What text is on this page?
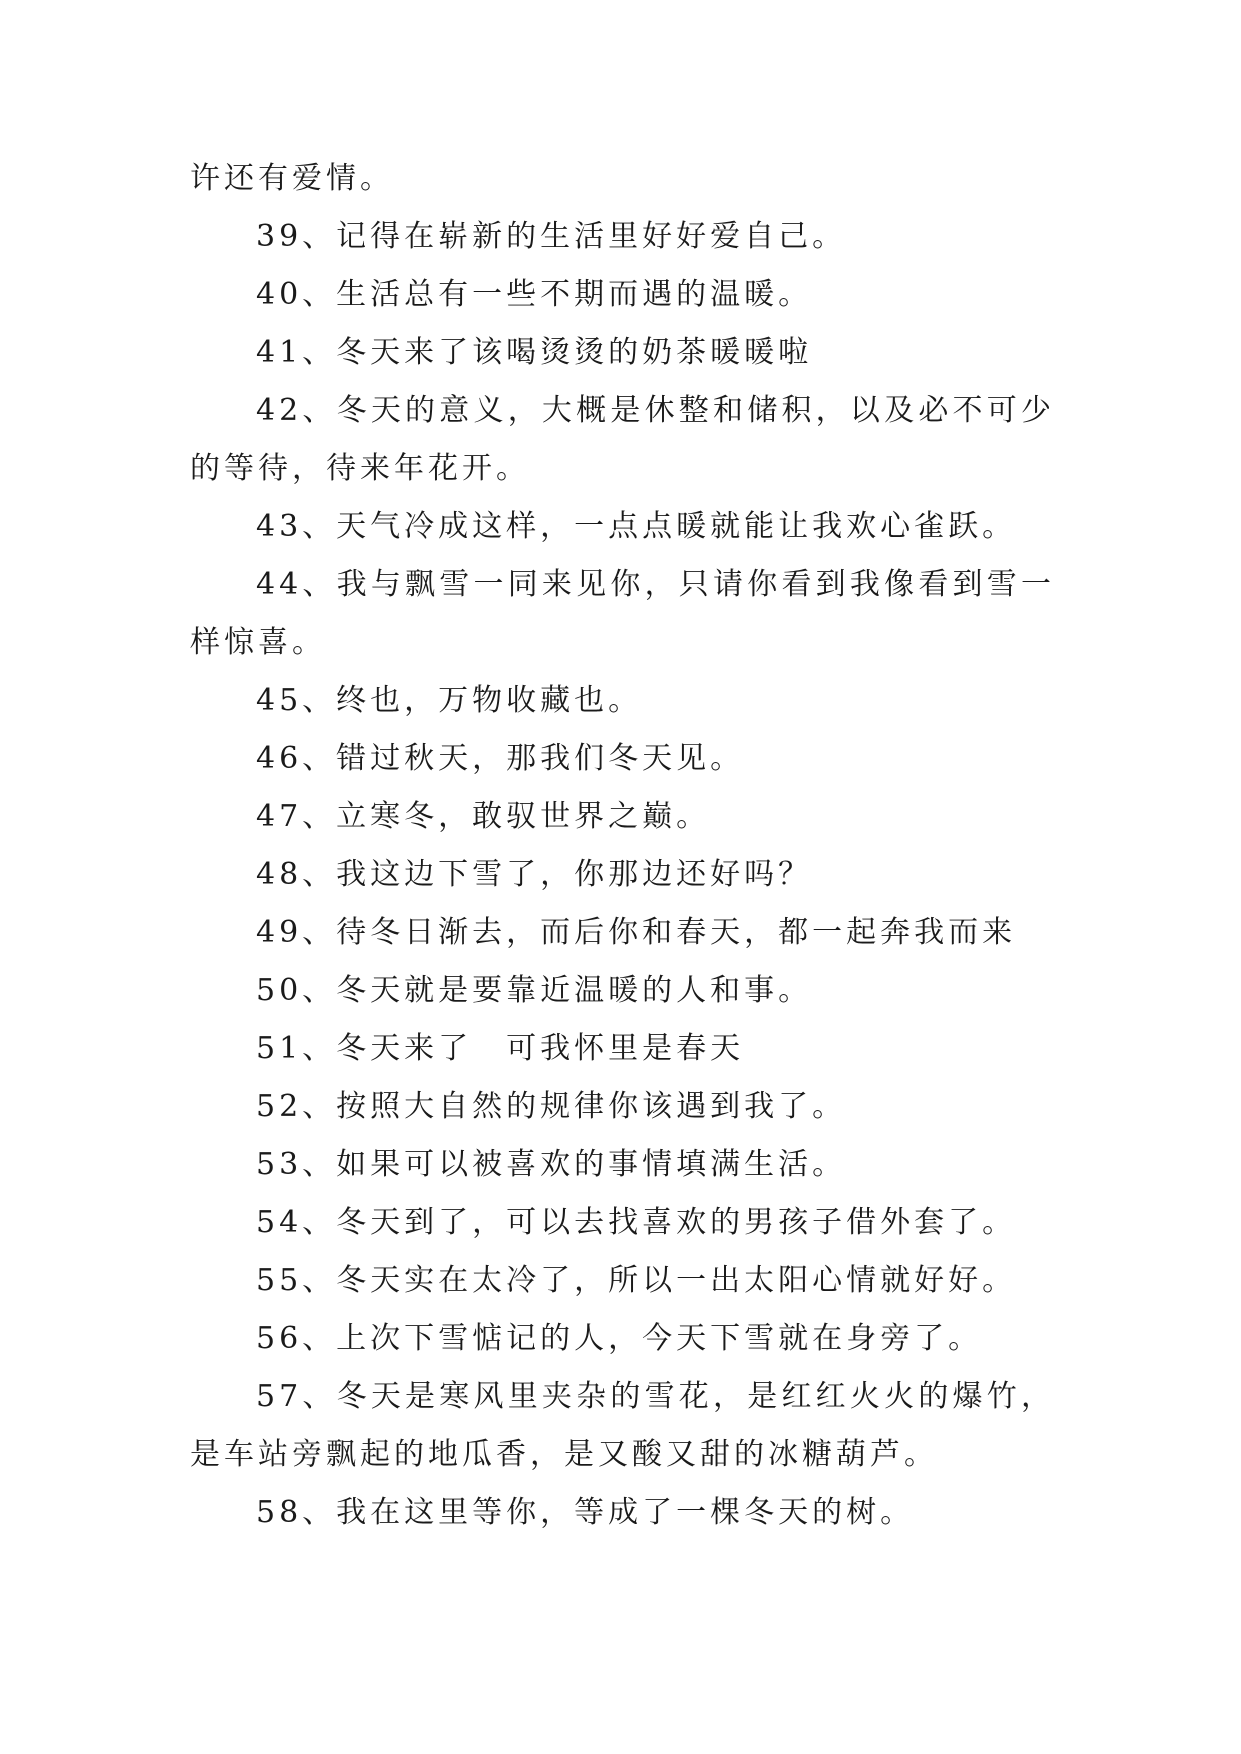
许还有爱情。

39、记得在崭新的生活里好好爱自己。

40、生活总有一些不期而遇的温暖。

41、冬天来了该喝烫烫的奶茶暖暖啦

42、冬天的意义，大概是休整和储积，以及必不可少的等待，待来年花开。

43、天气冷成这样，一点点暖就能让我欢心雀跃。

44、我与飘雪一同来见你，只请你看到我像看到雪一样惊喜。

45、终也，万物收藏也。

46、错过秋天，那我们冬天见。

47、立寒冬，敢驭世界之巅。

48、我这边下雪了，你那边还好吗？

49、待冬日渐去，而后你和春天，都一起奔我而来

50、冬天就是要靠近温暖的人和事。

51、冬天来了　可我怀里是春天

52、按照大自然的规律你该遇到我了。

53、如果可以被喜欢的事情填满生活。

54、冬天到了，可以去找喜欢的男孩子借外套了。

55、冬天实在太冷了，所以一出太阳心情就好好。

56、上次下雪惦记的人，今天下雪就在身旁了。

57、冬天是寒风里夹杂的雪花，是红红火火的爆竹，是车站旁飘起的地瓜香，是又酸又甜的冰糖葫芦。

58、我在这里等你，等成了一棵冬天的树。
